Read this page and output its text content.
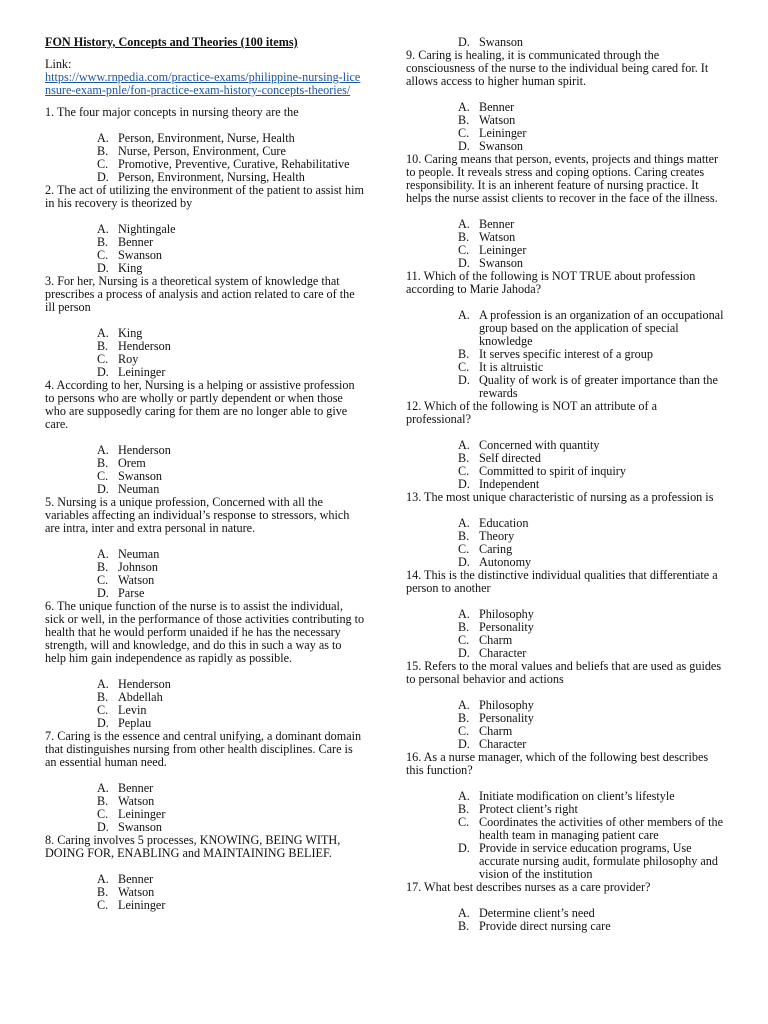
FON History, Concepts and Theories (100 items)

Link:

https://www.rnpedia.com/practice-exams/philippine-nursing-licensure-exam-pnle/fon-practice-exam-history-concepts-theories/

1. The four major concepts in nursing theory are the

A. Person, Environment, Nurse, Health
B. Nurse, Person, Environment, Cure
C. Promotive, Preventive, Curative, Rehabilitative
D. Person, Environment, Nursing, Health

2. The act of utilizing the environment of the patient to assist him in his recovery is theorized by

A. Nightingale
B. Benner
C. Swanson
D. King

3. For her, Nursing is a theoretical system of knowledge that prescribes a process of analysis and action related to care of the ill person

A. King
B. Henderson
C. Roy
D. Leininger

4. According to her, Nursing is a helping or assistive profession to persons who are wholly or partly dependent or when those who are supposedly caring for them are no longer able to give care.

A. Henderson
B. Orem
C. Swanson
D. Neuman

5. Nursing is a unique profession, Concerned with all the variables affecting an individual’s response to stressors, which are intra, inter and extra personal in nature.

A. Neuman
B. Johnson
C. Watson
D. Parse

6. The unique function of the nurse is to assist the individual, sick or well, in the performance of those activities contributing to health that he would perform unaided if he has the necessary strength, will and knowledge, and do this in such a way as to help him gain independence as rapidly as possible.

A. Henderson
B. Abdellah
C. Levin
D. Peplau

7. Caring is the essence and central unifying, a dominant domain that distinguishes nursing from other health disciplines. Care is an essential human need.

A. Benner
B. Watson
C. Leininger
D. Swanson

8. Caring involves 5 processes, KNOWING, BEING WITH, DOING FOR, ENABLING and MAINTAINING BELIEF.

A. Benner
B. Watson
C. Leininger
D. Swanson

9. Caring is healing, it is communicated through the consciousness of the nurse to the individual being cared for. It allows access to higher human spirit.

A. Benner
B. Watson
C. Leininger
D. Swanson

10. Caring means that person, events, projects and things matter to people. It reveals stress and coping options. Caring creates responsibility. It is an inherent feature of nursing practice. It helps the nurse assist clients to recover in the face of the illness.

A. Benner
B. Watson
C. Leininger
D. Swanson

11. Which of the following is NOT TRUE about profession according to Marie Jahoda?

A. A profession is an organization of an occupational group based on the application of special knowledge
B. It serves specific interest of a group
C. It is altruistic
D. Quality of work is of greater importance than the rewards

12. Which of the following is NOT an attribute of a professional?

A. Concerned with quantity
B. Self directed
C. Committed to spirit of inquiry
D. Independent

13. The most unique characteristic of nursing as a profession is

A. Education
B. Theory
C. Caring
D. Autonomy

14. This is the distinctive individual qualities that differentiate a person to another

A. Philosophy
B. Personality
C. Charm
D. Character

15. Refers to the moral values and beliefs that are used as guides to personal behavior and actions

A. Philosophy
B. Personality
C. Charm
D. Character

16. As a nurse manager, which of the following best describes this function?

A. Initiate modification on client’s lifestyle
B. Protect client’s right
C. Coordinates the activities of other members of the health team in managing patient care
D. Provide in service education programs, Use accurate nursing audit, formulate philosophy and vision of the institution

17. What best describes nurses as a care provider?

A. Determine client’s need
B. Provide direct nursing care
